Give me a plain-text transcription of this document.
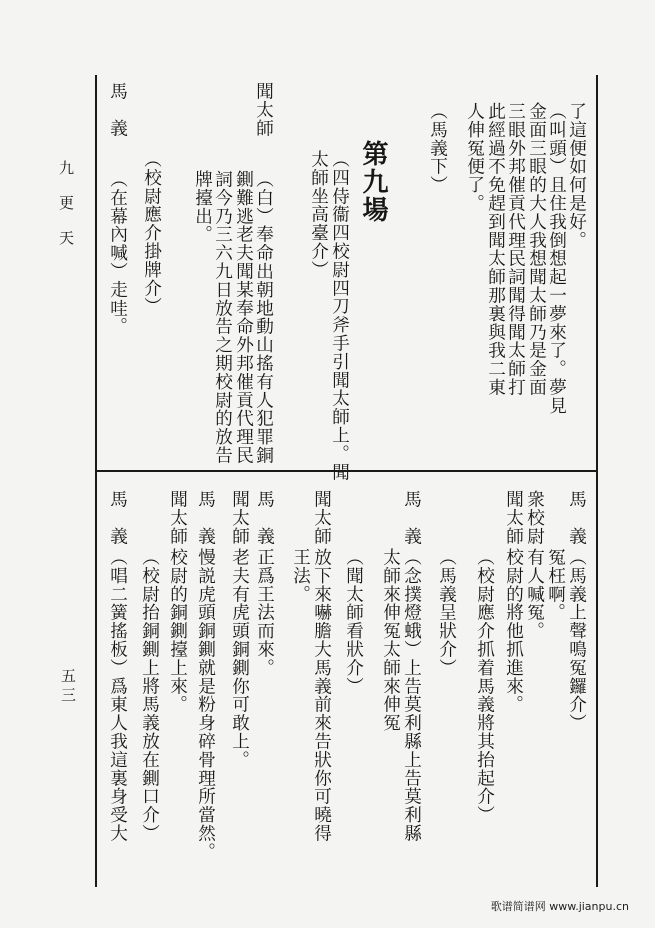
九更天
五三
了這便如何是好。
（叫頭）且住我倒想起一夢來了。夢見
金面三眼的大人我想聞太師乃是金面
三眼外邦催貢代理民詞聞得聞太師打
此經過不免趕到聞太師那裏與我二東
人伸冤便了。
（馬義下）
第九場
（四侍衞四校尉四刀斧手引聞太師上。聞
太師坐高臺介）
聞太師
（白）奉命出朝地動山搖有人犯罪銅
鍘難逃老夫聞某奉命外邦催貢代理民
詞今乃三六九日放告之期校尉的放告
牌擡出。
（校尉應介掛牌介）
馬　義
（在幕內喊）走哇。
馬　義
（馬義上聲鳴冤鑼介）
冤枉啊。
衆校尉
有人喊冤。
聞太師
校尉的將他抓進來。
（校尉應介抓着馬義將其抬起介）
（馬義呈狀介）
馬　義
（念撲燈蛾）上告莫利縣上告莫利縣
太師來伸冤太師來伸冤
（聞太師看狀介）
聞太師
放下來嚇膽大馬義前來告狀你可曉得
王法。
馬　義
正爲王法而來。
聞太師
老夫有虎頭銅鍘你可敢上。
馬　義
慢説虎頭銅鍘就是粉身碎骨理所當然。
聞太師
校尉的銅鍘擡上來。
（校尉抬銅鍘上將馬義放在鍘口介）
馬　義
（唱二簧搖板）爲東人我這裏身受大
歌谱简谱网 www.jianpu.cn
